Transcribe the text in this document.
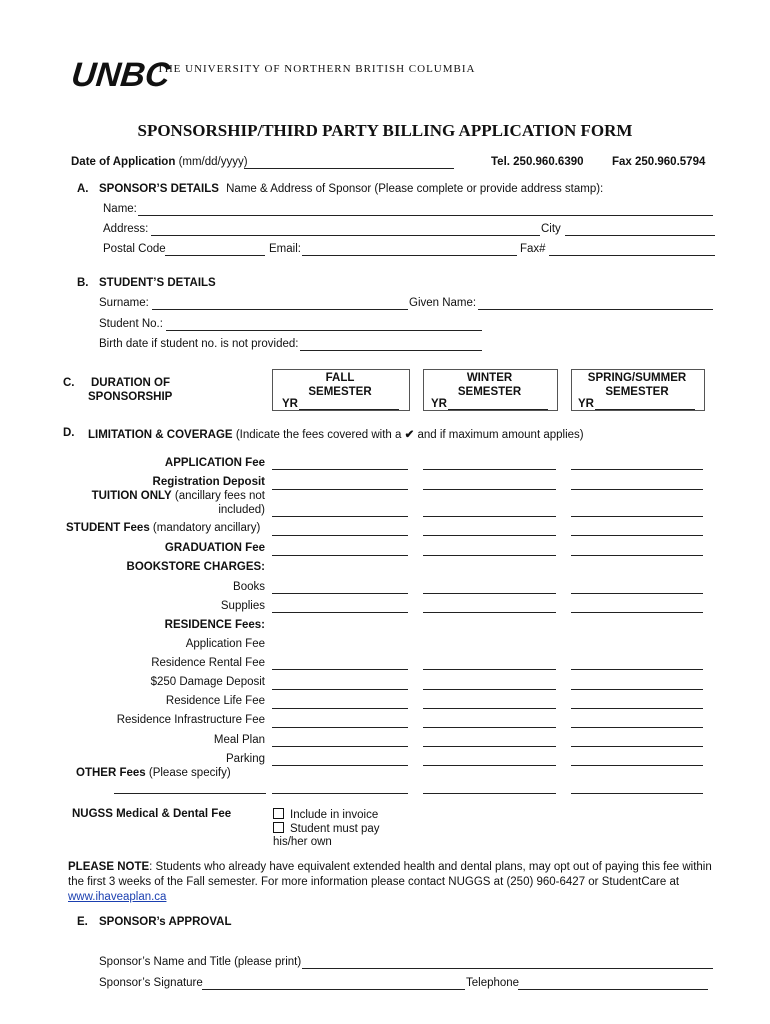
UNBC
THE UNIVERSITY OF NORTHERN BRITISH COLUMBIA
SPONSORSHIP/THIRD PARTY BILLING APPLICATION FORM
Date of Application (mm/dd/yyyy)	Tel. 250.960.6390 Fax 250.960.5794
A. SPONSOR’S DETAILS Name & Address of Sponsor (Please complete or provide address stamp):
Name:
Address:	City
Postal Code	Email:	Fax#
B. STUDENT’S DETAILS
Surname:	Given Name:
Student No.:
Birth date if student no. is not provided:
C. DURATION OF
SPONSORSHIP
FALL
SEMESTER
YR
WINTER
SEMESTER
YR
SPRING/SUMMER
SEMESTER
YR
D. LIMITATION & COVERAGE (Indicate the fees covered with a ✔ and if maximum amount applies)
APPLICATION Fee
Registration Deposit
TUITION ONLY (ancillary fees not
included)
STUDENT Fees (mandatory ancillary)
GRADUATION Fee
BOOKSTORE CHARGES:
Books
Supplies
RESIDENCE Fees:
Application Fee
Residence Rental Fee
$250 Damage Deposit
Residence Life Fee
Residence Infrastructure Fee
Meal Plan
Parking
OTHER Fees (Please specify)
NUGSS Medical & Dental Fee	Include in invoice
Student must pay
his/her own
PLEASE NOTE: Students who already have equivalent extended health and dental plans, may opt out of paying this fee within
the first 3 weeks of the Fall semester. For more information please contact NUGGS at (250) 960-6427 or StudentCare at
www.ihaveaplan.ca
E. SPONSOR’s APPROVAL
Sponsor’s Name and Title (please print)
Sponsor’s Signature	Telephone
